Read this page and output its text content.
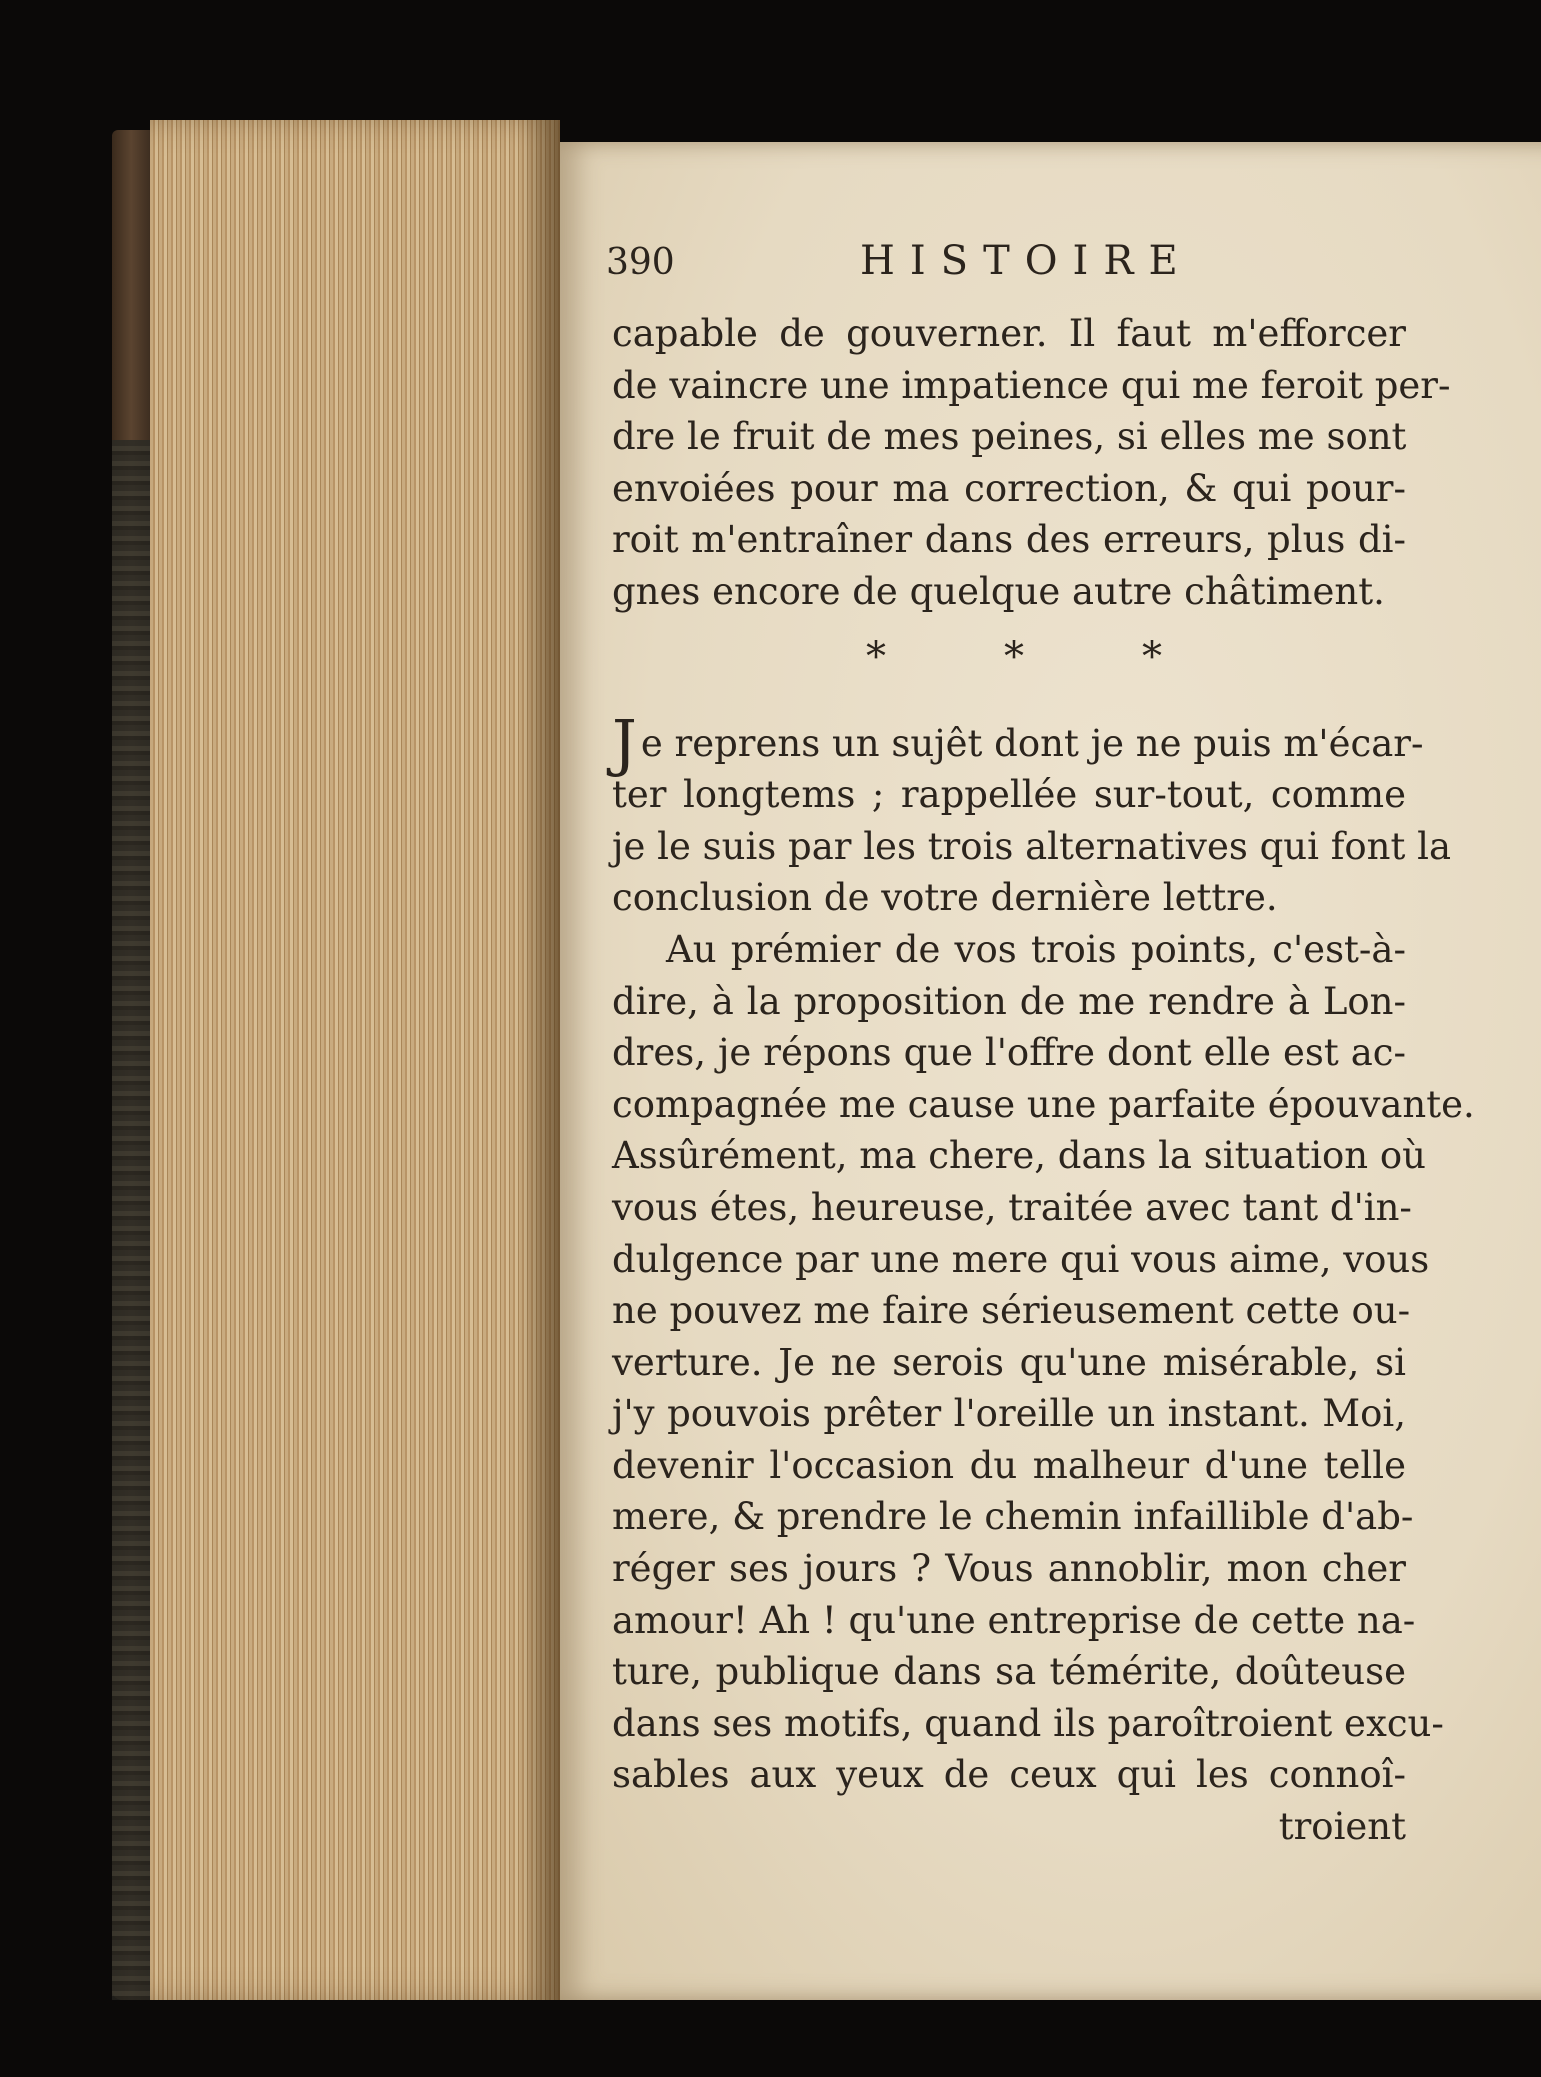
390	HISTOIRE
capable de gouverner. Il faut m'efforcer
de vaincre une impatience qui me feroit per-
dre le fruit de mes peines, si elles me sont
envoiées pour ma correction, & qui pour-
roit m'entraîner dans des erreurs, plus di-
gnes encore de quelque autre châtiment.
*	*	*
Je reprens un sujêt dont je ne puis m'écar-
ter longtems ; rappellée sur-tout, comme
je le suis par les trois alternatives qui font la
conclusion de votre dernière lettre.
Au prémier de vos trois points, c'est-à-
dire, à la proposition de me rendre à Lon-
dres, je répons que l'offre dont elle est ac-
compagnée me cause une parfaite épouvante.
Assûrément, ma chere, dans la situation où
vous étes, heureuse, traitée avec tant d'in-
dulgence par une mere qui vous aime, vous
ne pouvez me faire sérieusement cette ou-
verture. Je ne serois qu'une misérable, si
j'y pouvois prêter l'oreille un instant. Moi,
devenir l'occasion du malheur d'une telle
mere, & prendre le chemin infaillible d'ab-
réger ses jours ? Vous annoblir, mon cher
amour! Ah ! qu'une entreprise de cette na-
ture, publique dans sa témérite, doûteuse
dans ses motifs, quand ils paroîtroient excu-
sables aux yeux de ceux qui les connoî-
troient
